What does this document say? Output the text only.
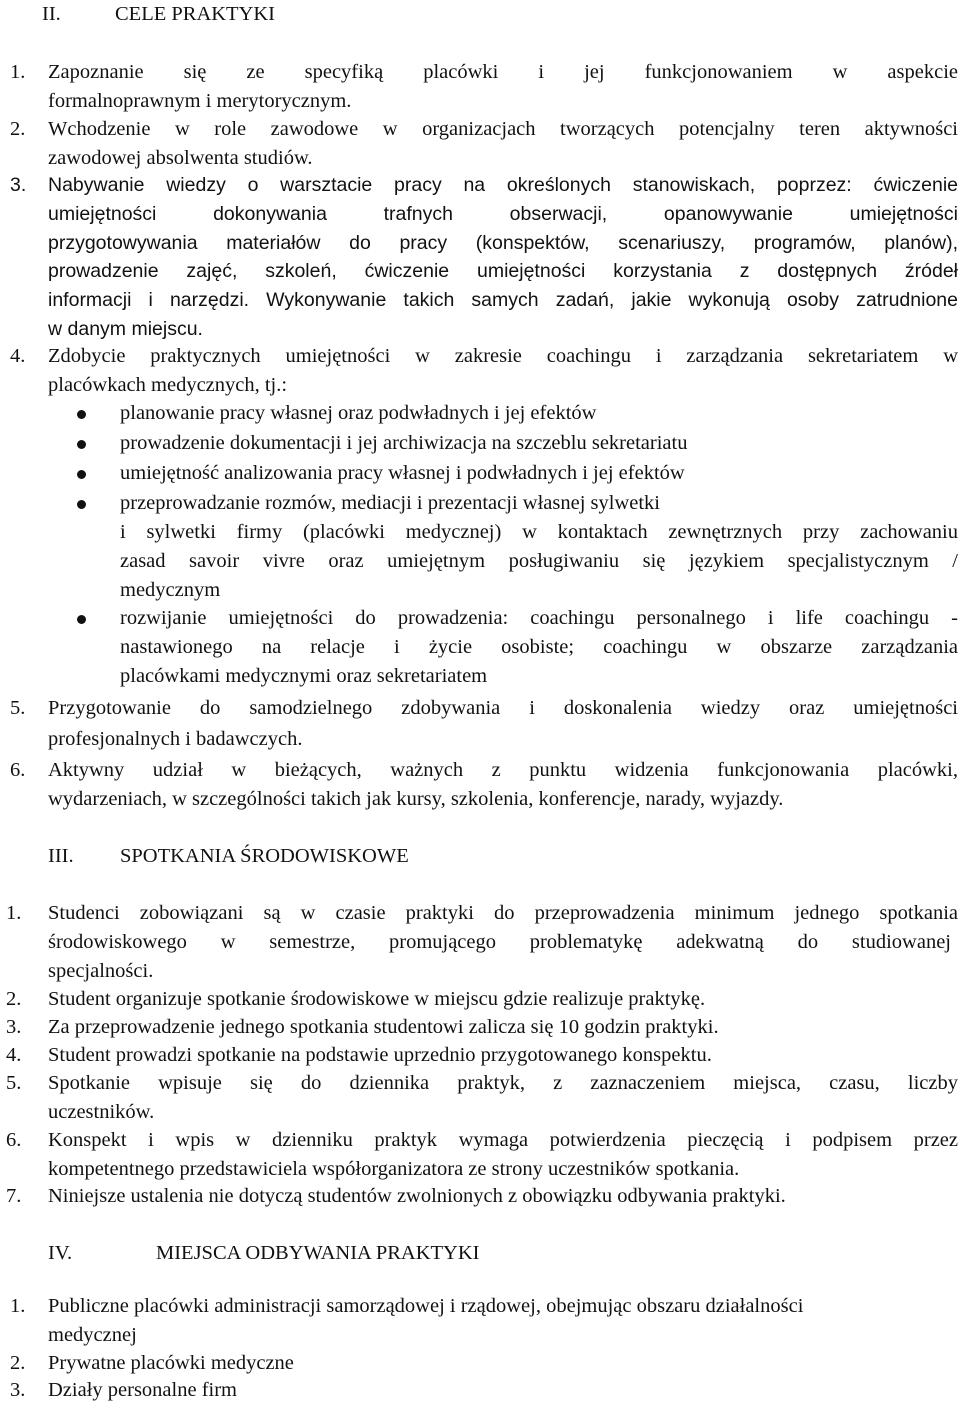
II.	CELE PRAKTYKI
1. Zapoznanie się ze specyfiką placówki i jej funkcjonowaniem w aspekcie
formalnoprawnym i merytorycznym.
2. Wchodzenie w role zawodowe w organizacjach tworzących potencjalny teren aktywności
zawodowej absolwenta studiów.
3. Nabywanie wiedzy o warsztacie pracy na określonych stanowiskach, poprzez: ćwiczenie
umiejętności dokonywania trafnych obserwacji, opanowywanie umiejętności
przygotowywania materiałów do pracy (konspektów, scenariuszy, programów, planów),
prowadzenie zajęć, szkoleń, ćwiczenie umiejętności korzystania z dostępnych źródeł
informacji i narzędzi. Wykonywanie takich samych zadań, jakie wykonują osoby zatrudnione
w danym miejscu.
4. Zdobycie praktycznych umiejętności w zakresie coachingu i zarządzania sekretariatem w
placówkach medycznych, tj.:
planowanie pracy własnej oraz podwładnych i jej efektów
prowadzenie dokumentacji i jej archiwizacja na szczeblu sekretariatu
umiejętność analizowania pracy własnej i podwładnych i jej efektów
przeprowadzanie rozmów, mediacji i prezentacji własnej sylwetki
i sylwetki firmy (placówki medycznej) w kontaktach zewnętrznych przy zachowaniu
zasad savoir vivre oraz umiejętnym posługiwaniu się językiem specjalistycznym /
medycznym
rozwijanie umiejętności do prowadzenia: coachingu personalnego i life coachingu -
nastawionego na relacje i życie osobiste; coachingu w obszarze zarządzania
placówkami medycznymi oraz sekretariatem
5. Przygotowanie do samodzielnego zdobywania i doskonalenia wiedzy oraz umiejętności
profesjonalnych i badawczych.
6. Aktywny udział w bieżących, ważnych z punktu widzenia funkcjonowania placówki,
wydarzeniach, w szczególności takich jak kursy, szkolenia, konferencje, narady, wyjazdy.
III. SPOTKANIA ŚRODOWISKOWE
1. Studenci zobowiązani są w czasie praktyki do przeprowadzenia minimum jednego spotkania
środowiskowego w semestrze, promującego problematykę adekwatną do studiowanej
specjalności.
2. Student organizuje spotkanie środowiskowe w miejscu gdzie realizuje praktykę.
3. Za przeprowadzenie jednego spotkania studentowi zalicza się 10 godzin praktyki.
4. Student prowadzi spotkanie na podstawie uprzednio przygotowanego konspektu.
5. Spotkanie wpisuje się do dziennika praktyk, z zaznaczeniem miejsca, czasu, liczby
uczestników.
6. Konspekt i wpis w dzienniku praktyk wymaga potwierdzenia pieczęcią i podpisem przez
kompetentnego przedstawiciela współorganizatora ze strony uczestników spotkania.
7. Niniejsze ustalenia nie dotyczą studentów zwolnionych z obowiązku odbywania praktyki.
IV.	MIEJSCA ODBYWANIA PRAKTYKI
1. Publiczne placówki administracji samorządowej i rządowej, obejmując obszaru działalności
medycznej
2. Prywatne placówki medyczne
3. Działy personalne firm
